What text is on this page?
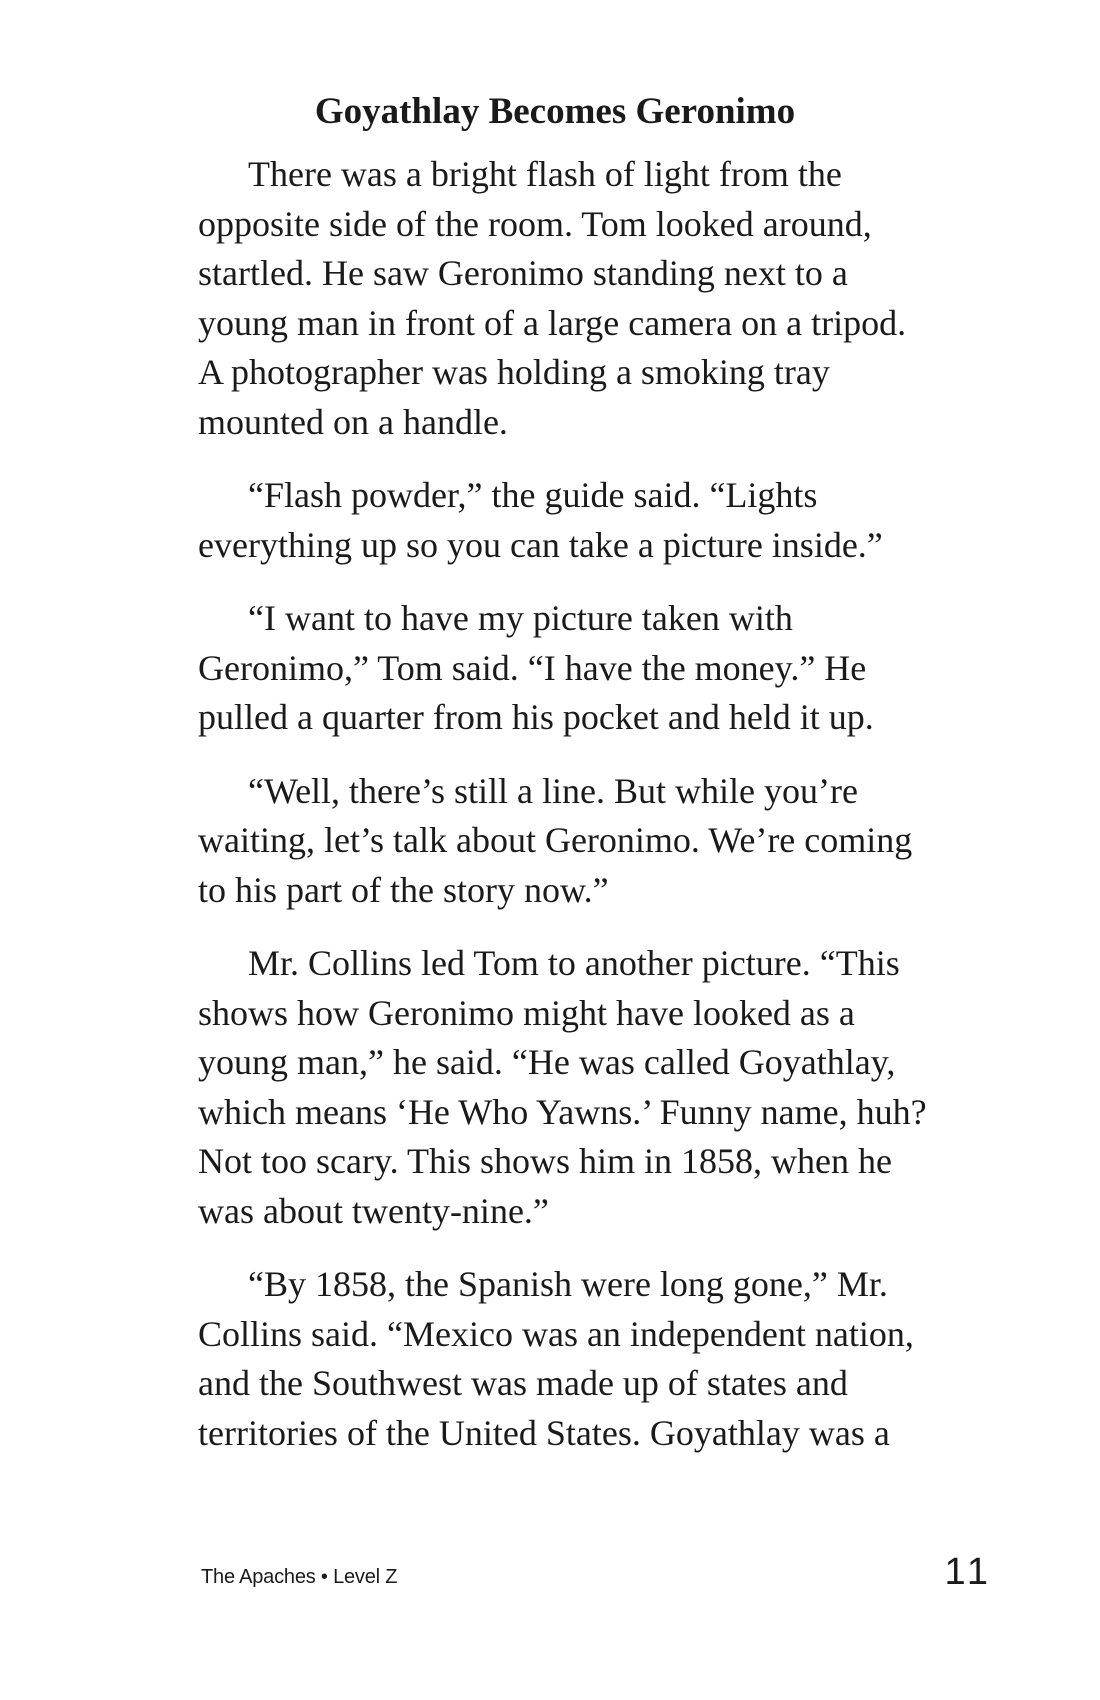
Goyathlay Becomes Geronimo

There was a bright flash of light from the
opposite side of the room. Tom looked around,
startled. He saw Geronimo standing next to a
young man in front of a large camera on a tripod.
A photographer was holding a smoking tray
mounted on a handle.

“Flash powder,” the guide said. “Lights
everything up so you can take a picture inside.”

“I want to have my picture taken with
Geronimo,” Tom said. “I have the money.” He
pulled a quarter from his pocket and held it up.

“Well, there’s still a line. But while you’re
waiting, let’s talk about Geronimo. We’re coming
to his part of the story now.”

Mr. Collins led Tom to another picture. “This
shows how Geronimo might have looked as a
young man,” he said. “He was called Goyathlay,
which means ‘He Who Yawns.’ Funny name, huh?
Not too scary. This shows him in 1858, when he
was about twenty-nine.”

“By 1858, the Spanish were long gone,” Mr.
Collins said. “Mexico was an independent nation,
and the Southwest was made up of states and
territories of the United States. Goyathlay was a

The Apaches • Level Z	11
